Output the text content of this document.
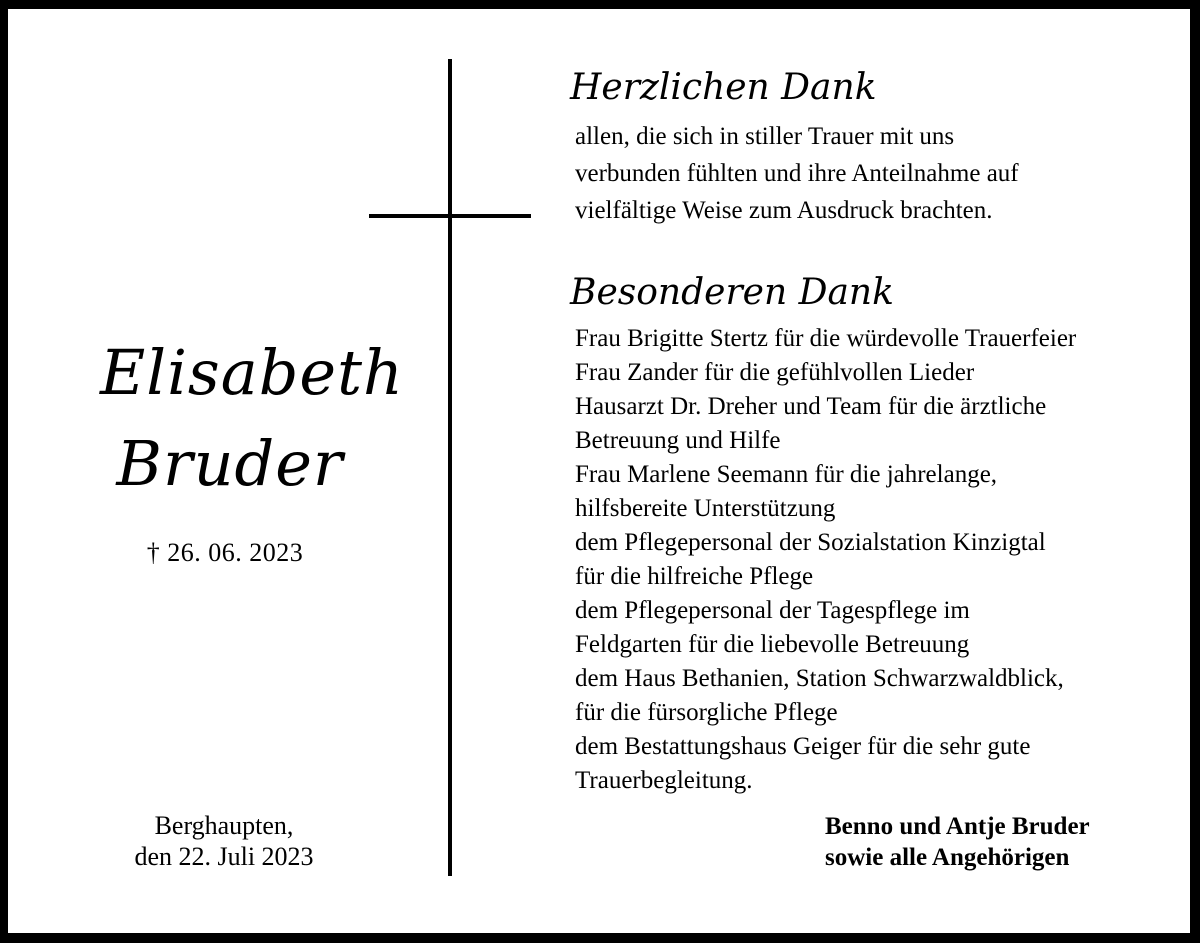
Elisabeth
Bruder
† 26. 06. 2023
Berghaupten,
den 22. Juli 2023
Herzlichen Dank
allen, die sich in stiller Trauer mit uns
verbunden fühlten und ihre Anteilnahme auf
vielfältige Weise zum Ausdruck brachten.
Besonderen Dank
Frau Brigitte Stertz für die würdevolle Trauerfeier
Frau Zander für die gefühlvollen Lieder
Hausarzt Dr. Dreher und Team für die ärztliche
Betreuung und Hilfe
Frau Marlene Seemann für die jahrelange,
hilfsbereite Unterstützung
dem Pflegepersonal der Sozialstation Kinzigtal
für die hilfreiche Pflege
dem Pflegepersonal der Tagespflege im
Feldgarten für die liebevolle Betreuung
dem Haus Bethanien, Station Schwarzwaldblick,
für die fürsorgliche Pflege
dem Bestattungshaus Geiger für die sehr gute
Trauerbegleitung.
Benno und Antje Bruder
sowie alle Angehörigen
